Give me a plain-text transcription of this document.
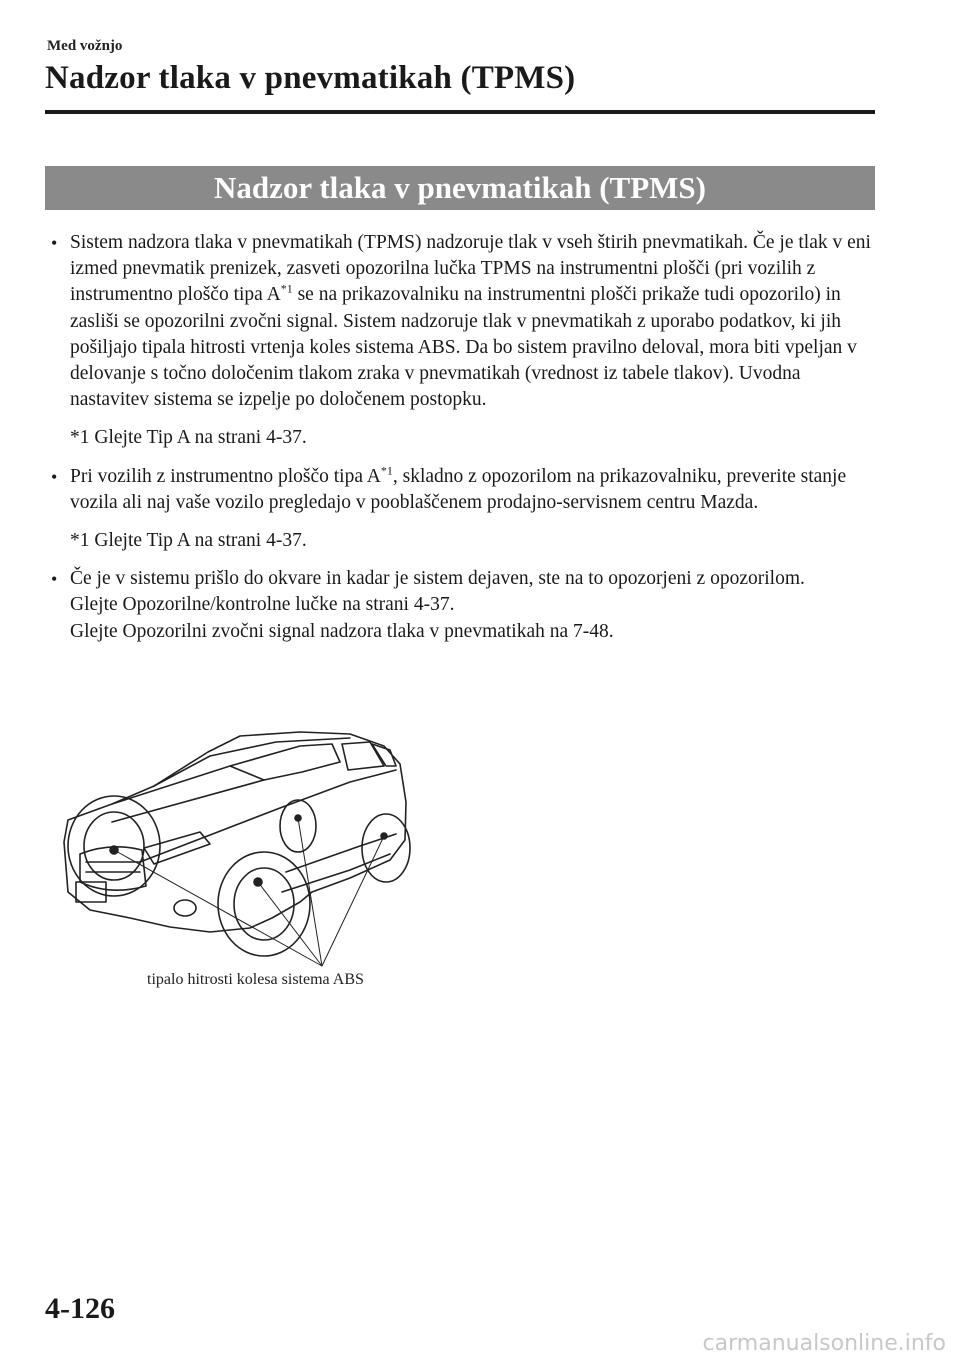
Med vožnjo
Nadzor tlaka v pnevmatikah (TPMS)
Nadzor tlaka v pnevmatikah (TPMS)

• Sistem nadzora tlaka v pnevmatikah (TPMS) nadzoruje tlak v vseh štirih pnevmatikah. Če je tlak v eni izmed pnevmatik prenizek, zasveti opozorilna lučka TPMS na instrumentni plošči (pri vozilih z instrumentno ploščo tipa $A^{*1}$ se na prikazovalniku na instrumentni plošči prikaže tudi opozorilo) in zasliši se opozorilni zvočni signal. Sistem nadzoruje tlak v pnevmatikah z uporabo podatkov, ki jih pošiljajo tipala hitrosti vrtenja koles sistema ABS. Da bo sistem pravilno deloval, mora biti vpeljan v delovanje s točno določenim tlakom zraka v pnevmatikah (vrednost iz tabele tlakov). Uvodna nastavitev sistema se izpelje po določenem postopku.

*1 Glejte Tip A na strani 4-37.

• Pri vozilih z instrumentno ploščo tipa $A^{*1}$, skladno z opozorilom na prikazovalniku, preverite stanje vozila ali naj vaše vozilo pregledajo v pooblaščenem prodajno-servisnem centru Mazda.

*1 Glejte Tip A na strani 4-37.

• Če je v sistemu prišlo do okvare in kadar je sistem dejaven, ste na to opozorjeni z opozorilom.
Glejte Opozorilne/kontrolne lučke na strani 4-37.
Glejte Opozorilni zvočni signal nadzora tlaka v pnevmatikah na 7-48.
tipalo hitrosti kolesa sistema ABS
4-126
carmanualsonline.info
